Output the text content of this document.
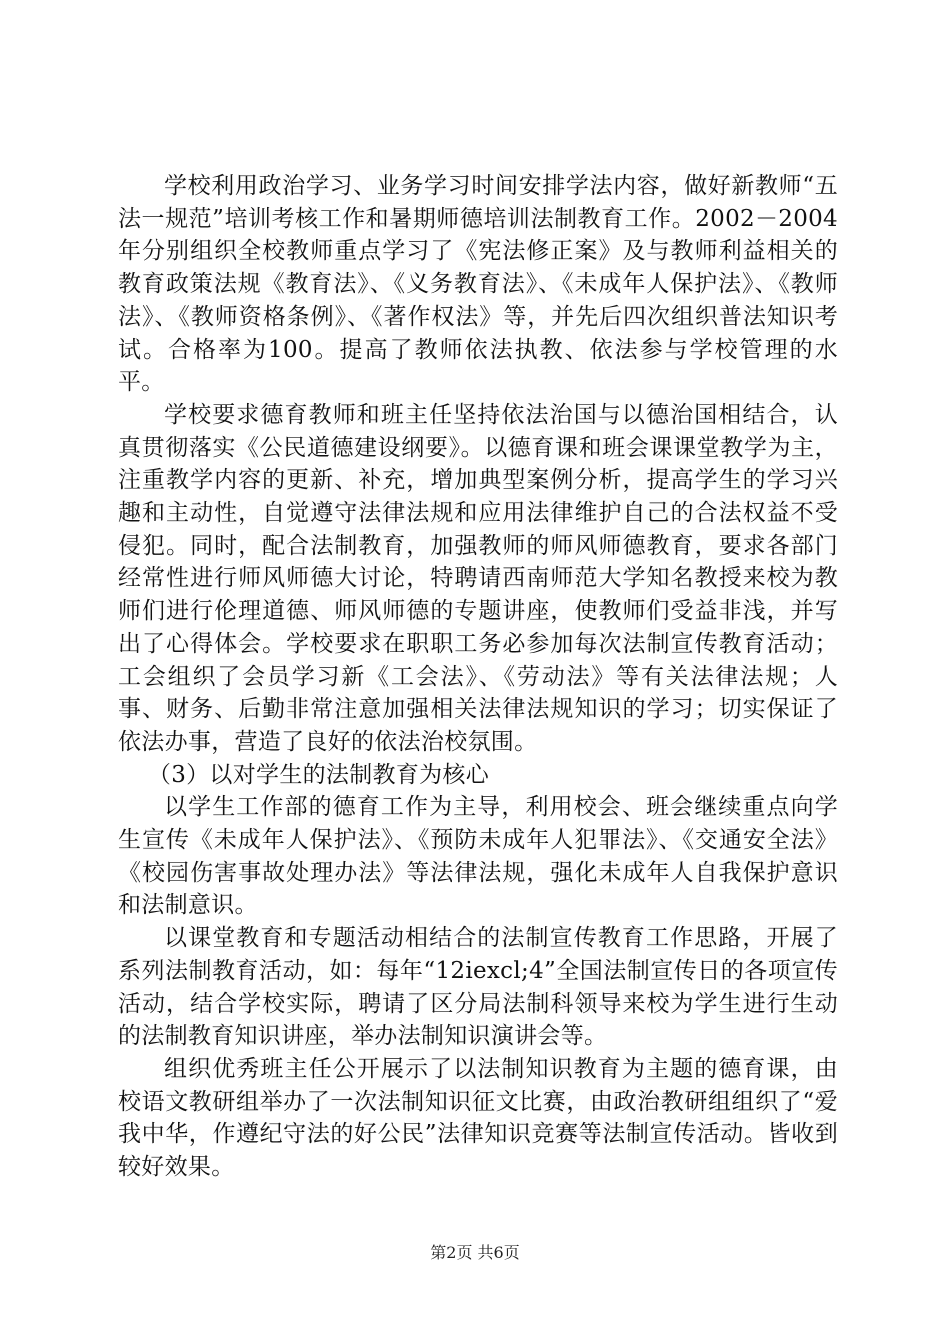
学校利用政治学习、业务学习时间安排学法内容，做好新教师“五法一规范”培训考核工作和暑期师德培训法制教育工作。2002－2004年分别组织全校教师重点学习了《宪法修正案》及与教师利益相关的教育政策法规《教育法》、《义务教育法》、《未成年人保护法》、《教师法》、《教师资格条例》、《著作权法》等，并先后四次组织普法知识考试。合格率为100。提高了教师依法执教、依法参与学校管理的水平。

学校要求德育教师和班主任坚持依法治国与以德治国相结合，认真贯彻落实《公民道德建设纲要》。以德育课和班会课课堂教学为主，注重教学内容的更新、补充，增加典型案例分析，提高学生的学习兴趣和主动性，自觉遵守法律法规和应用法律维护自己的合法权益不受侵犯。同时，配合法制教育，加强教师的师风师德教育，要求各部门经常性进行师风师德大讨论，特聘请西南师范大学知名教授来校为教师们进行伦理道德、师风师德的专题讲座，使教师们受益非浅，并写出了心得体会。学校要求在职职工务必参加每次法制宣传教育活动；工会组织了会员学习新《工会法》、《劳动法》等有关法律法规；人事、财务、后勤非常注意加强相关法律法规知识的学习；切实保证了依法办事，营造了良好的依法治校氛围。

（3）以对学生的法制教育为核心

以学生工作部的德育工作为主导，利用校会、班会继续重点向学生宣传《未成年人保护法》、《预防未成年人犯罪法》、《交通安全法》《校园伤害事故处理办法》等法律法规，强化未成年人自我保护意识和法制意识。

以课堂教育和专题活动相结合的法制宣传教育工作思路，开展了系列法制教育活动，如：每年“12iexcl;4”全国法制宣传日的各项宣传活动，结合学校实际，聘请了区分局法制科领导来校为学生进行生动的法制教育知识讲座，举办法制知识演讲会等。

组织优秀班主任公开展示了以法制知识教育为主题的德育课，由校语文教研组举办了一次法制知识征文比赛，由政治教研组组织了“爱我中华，作遵纪守法的好公民”法律知识竞赛等法制宣传活动。皆收到较好效果。

第2页 共6页
